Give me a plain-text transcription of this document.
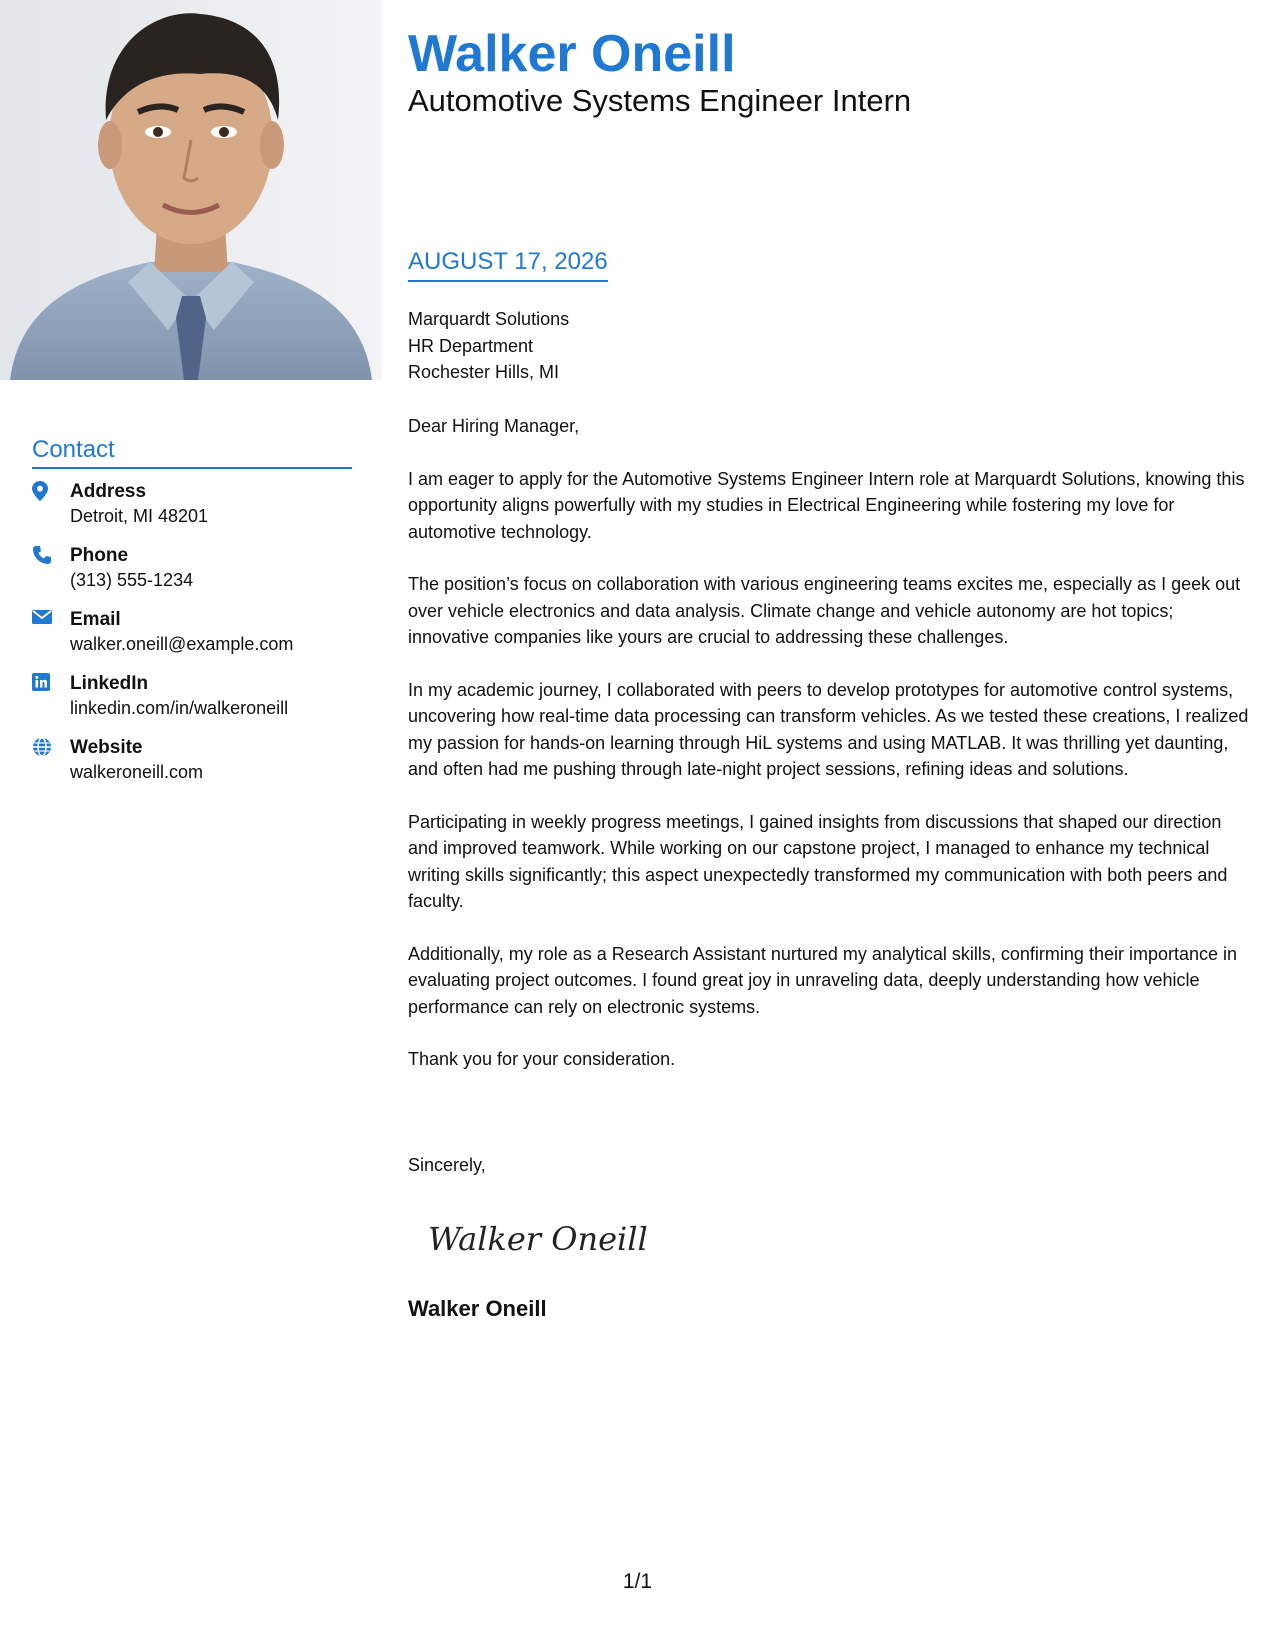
Contact
Address
Detroit, MI 48201
Phone
(313) 555-1234
Email
walker.oneill@example.com
LinkedIn
linkedin.com/in/walkeroneill
Website
walkeroneill.com
Walker Oneill
Automotive Systems Engineer Intern
AUGUST 17, 2026
Marquardt Solutions
HR Department
Rochester Hills, MI

Dear Hiring Manager,

I am eager to apply for the Automotive Systems Engineer Intern role at Marquardt Solutions, knowing this opportunity aligns powerfully with my studies in Electrical Engineering while fostering my love for automotive technology.

The position’s focus on collaboration with various engineering teams excites me, especially as I geek out over vehicle electronics and data analysis. Climate change and vehicle autonomy are hot topics; innovative companies like yours are crucial to addressing these challenges.

In my academic journey, I collaborated with peers to develop prototypes for automotive control systems, uncovering how real-time data processing can transform vehicles. As we tested these creations, I realized my passion for hands-on learning through HiL systems and using MATLAB. It was thrilling yet daunting, and often had me pushing through late-night project sessions, refining ideas and solutions.

Participating in weekly progress meetings, I gained insights from discussions that shaped our direction and improved teamwork. While working on our capstone project, I managed to enhance my technical writing skills significantly; this aspect unexpectedly transformed my communication with both peers and faculty.

Additionally, my role as a Research Assistant nurtured my analytical skills, confirming their importance in evaluating project outcomes. I found great joy in unraveling data, deeply understanding how vehicle performance can rely on electronic systems.

Thank you for your consideration.

Sincerely,
Walker Oneill
Walker Oneill
1/1
